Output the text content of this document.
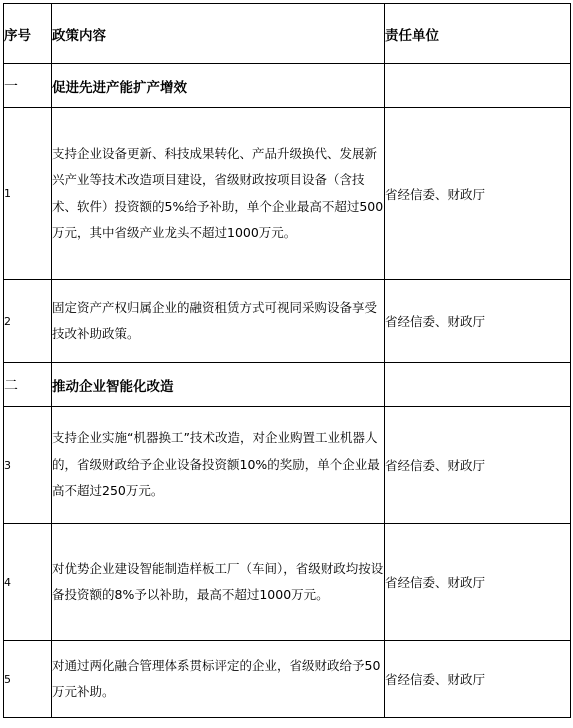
序号	政策内容	责任单位
一	促进先进产能扩产增效	
1	支持企业设备更新、科技成果转化、产品升级换代、发展新兴产业等技术改造项目建设，省级财政按项目设备（含技术、软件）投资额的5%给予补助，单个企业最高不超过500万元，其中省级产业龙头不超过1000万元。	省经信委、财政厅
2	固定资产产权归属企业的融资租赁方式可视同采购设备享受技改补助政策。	省经信委、财政厅
二	推动企业智能化改造	
3	支持企业实施“机器换工”技术改造，对企业购置工业机器人的，省级财政给予企业设备投资额10%的奖励，单个企业最高不超过250万元。	省经信委、财政厅
4	对优势企业建设智能制造样板工厂（车间），省级财政均按设备投资额的8%予以补助，最高不超过1000万元。	省经信委、财政厅
5	对通过两化融合管理体系贯标评定的企业，省级财政给予50万元补助。	省经信委、财政厅
